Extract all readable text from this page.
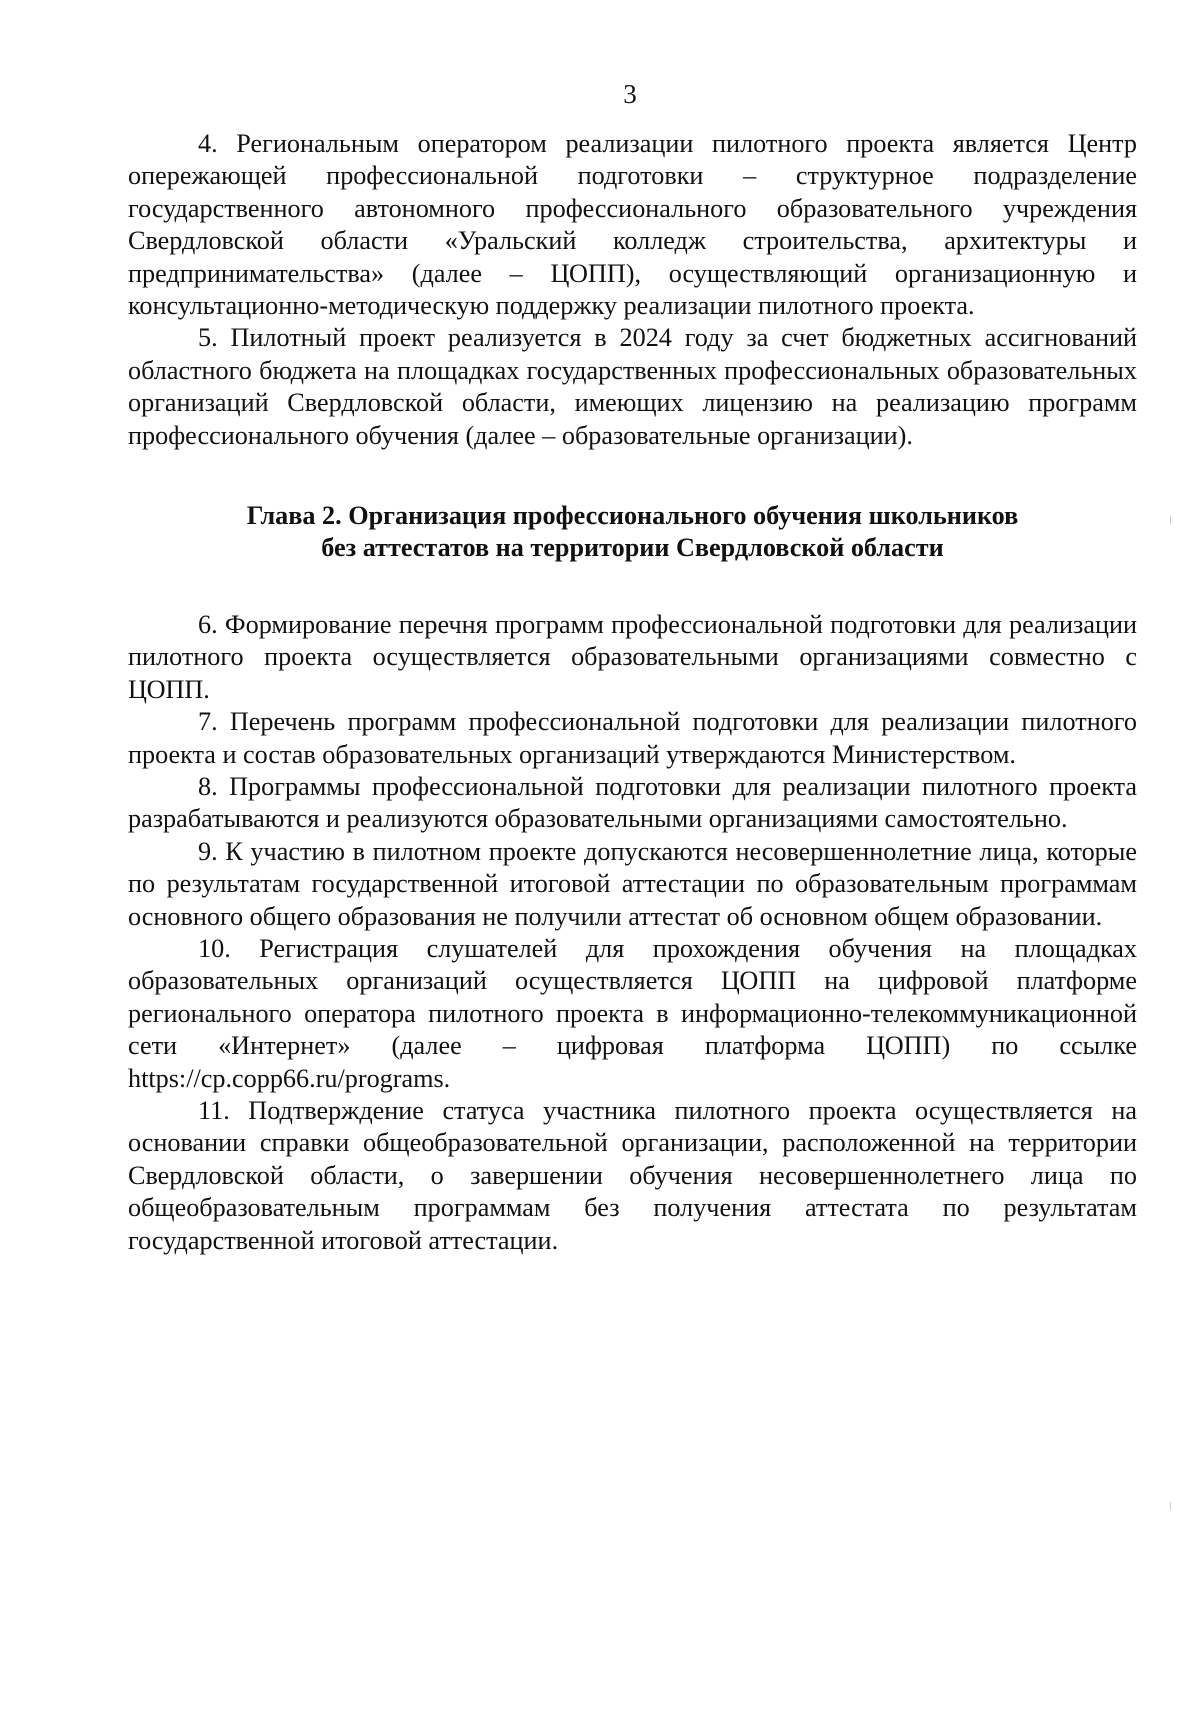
3

4. Региональным оператором реализации пилотного проекта является Центр опережающей профессиональной подготовки – структурное подразделение государственного автономного профессионального образовательного учреждения Свердловской области «Уральский колледж строительства, архитектуры и предпринимательства» (далее – ЦОПП), осуществляющий организационную и консультационно-методическую поддержку реализации пилотного проекта.

5. Пилотный проект реализуется в 2024 году за счет бюджетных ассигнований областного бюджета на площадках государственных профессиональных образовательных организаций Свердловской области, имеющих лицензию на реализацию программ профессионального обучения (далее – образовательные организации).

Глава 2. Организация профессионального обучения школьников
без аттестатов на территории Свердловской области

6. Формирование перечня программ профессиональной подготовки для реализации пилотного проекта осуществляется образовательными организациями совместно с ЦОПП.

7. Перечень программ профессиональной подготовки для реализации пилотного проекта и состав образовательных организаций утверждаются Министерством.

8. Программы профессиональной подготовки для реализации пилотного проекта разрабатываются и реализуются образовательными организациями самостоятельно.

9. К участию в пилотном проекте допускаются несовершеннолетние лица, которые по результатам государственной итоговой аттестации по образовательным программам основного общего образования не получили аттестат об основном общем образовании.

10. Регистрация слушателей для прохождения обучения на площадках образовательных организаций осуществляется ЦОПП на цифровой платформе регионального оператора пилотного проекта в информационно-телекоммуникационной сети «Интернет» (далее – цифровая платформа ЦОПП) по ссылке https://cp.copp66.ru/programs.

11. Подтверждение статуса участника пилотного проекта осуществляется на основании справки общеобразовательной организации, расположенной на территории Свердловской области, о завершении обучения несовершеннолетнего лица по общеобразовательным программам без получения аттестата по результатам государственной итоговой аттестации.
